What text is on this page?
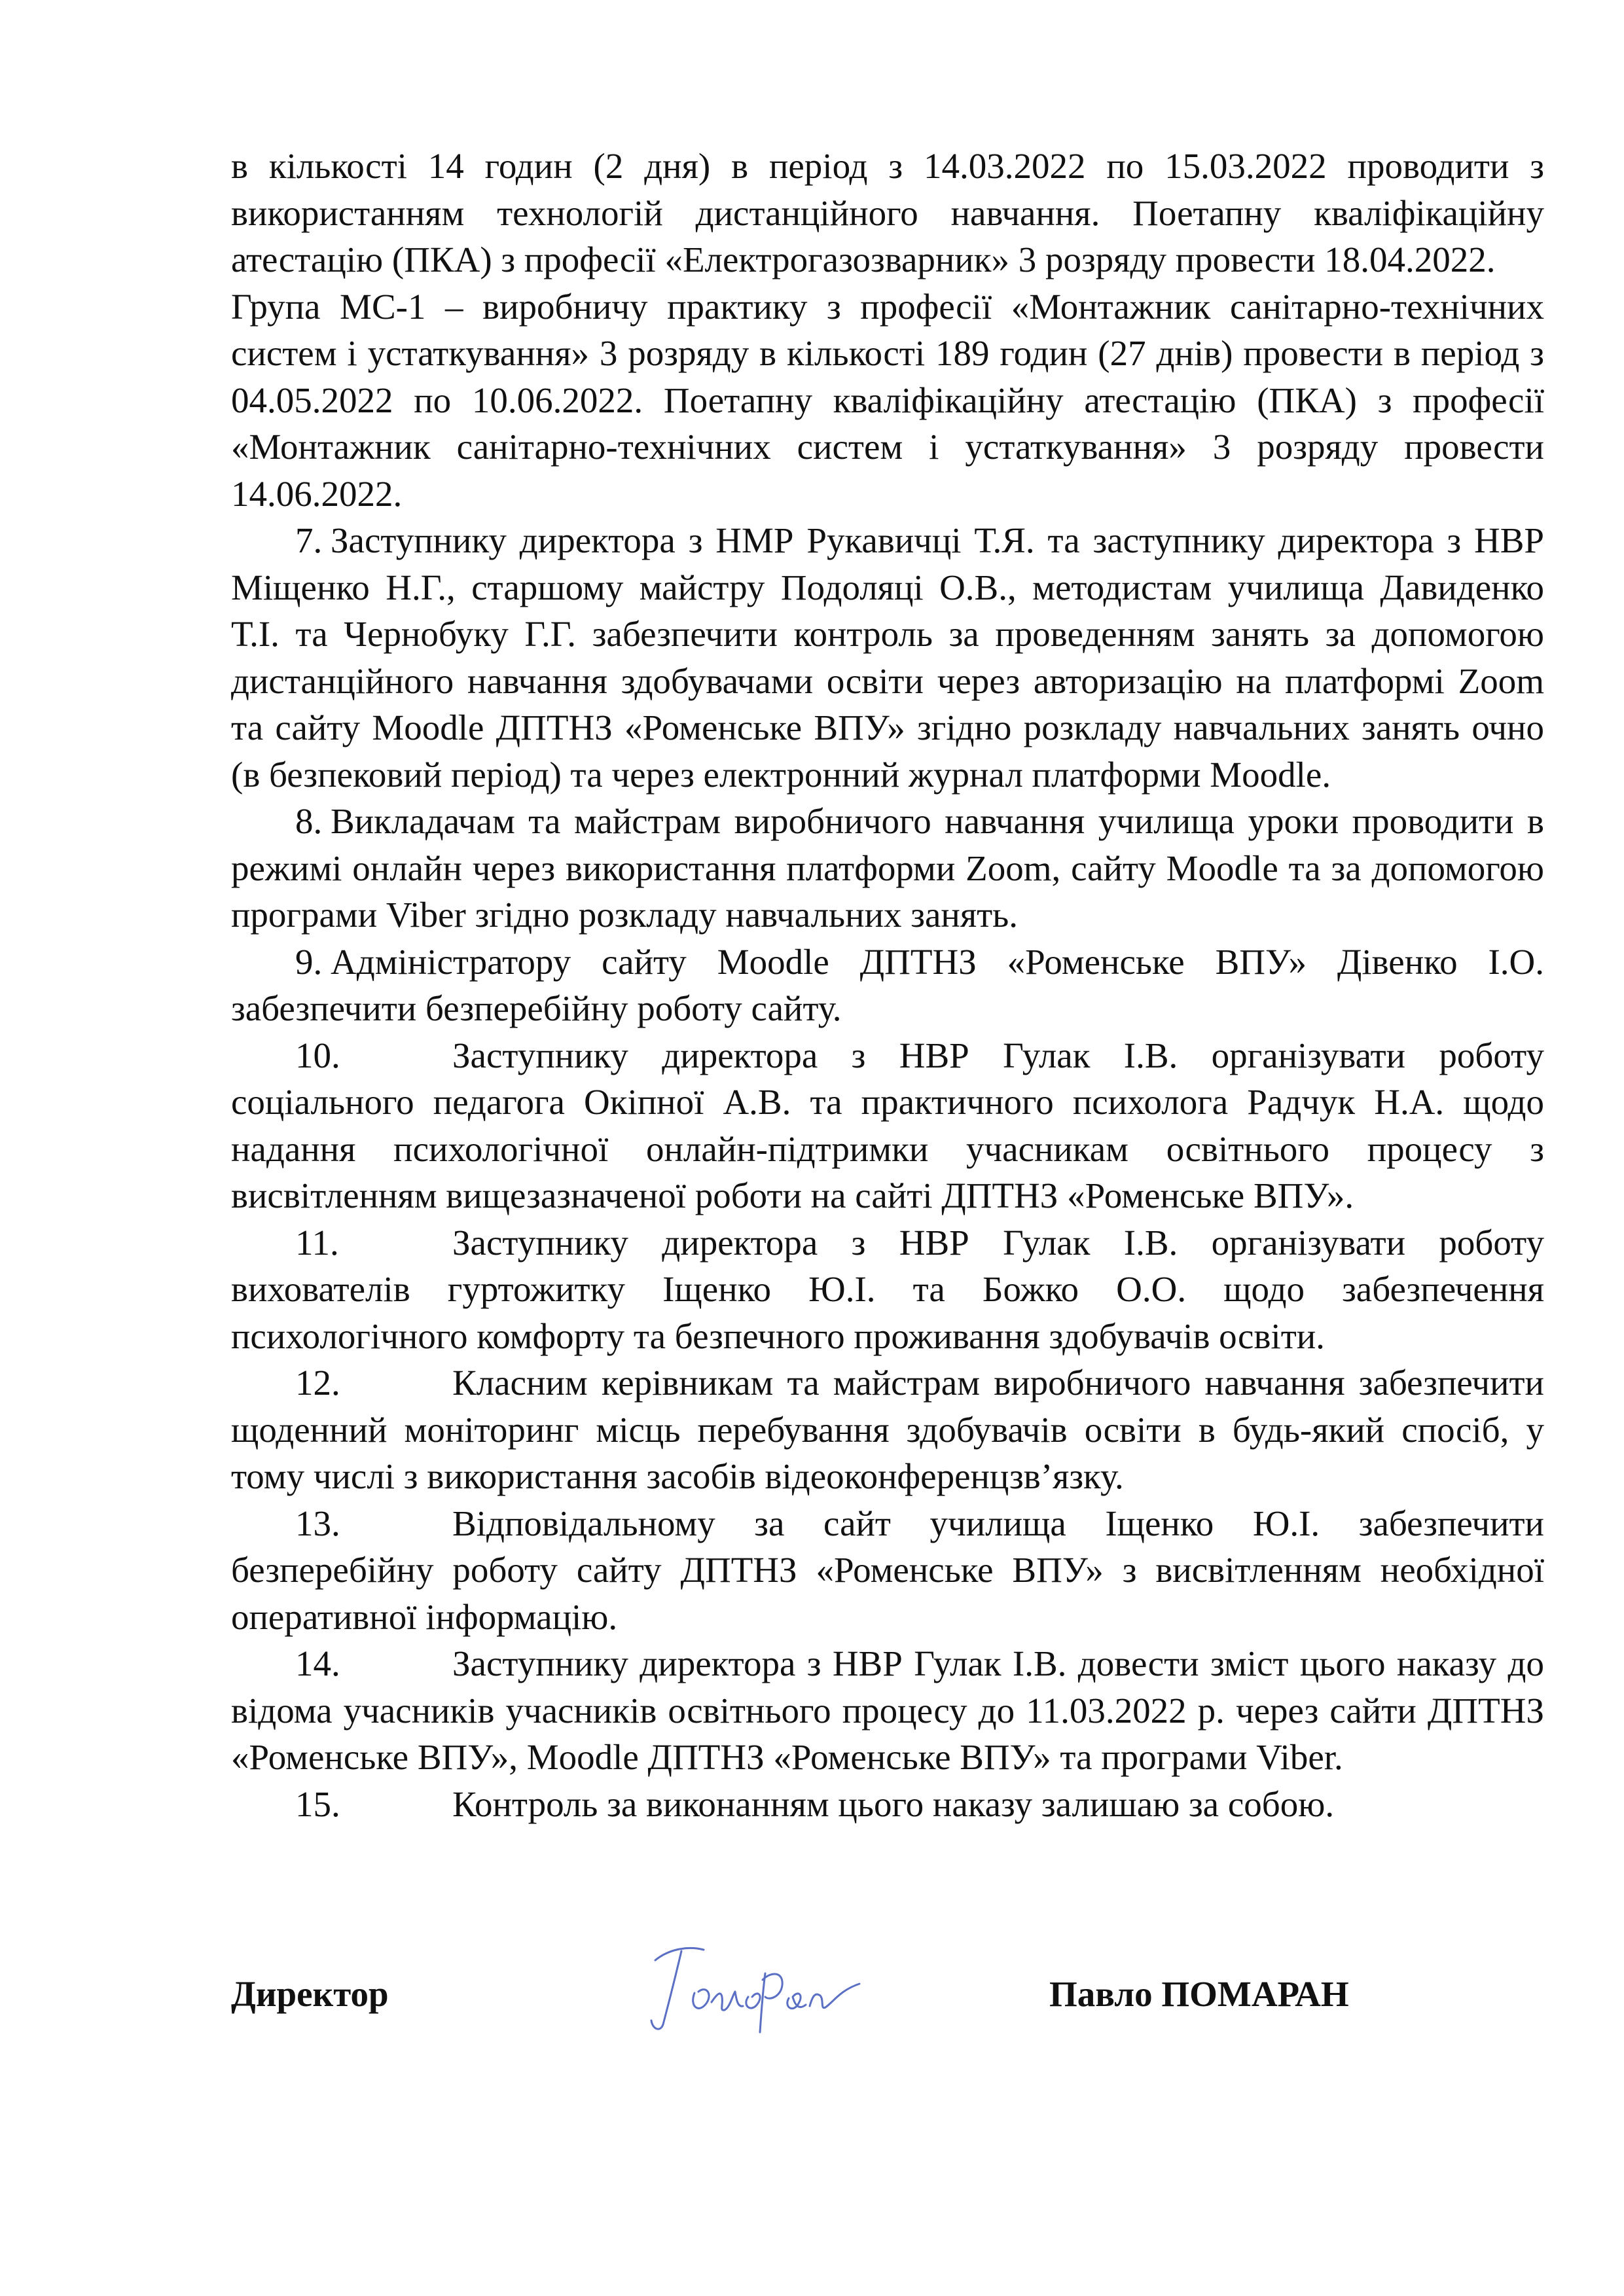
в кількості 14 годин (2 дня) в період з 14.03.2022 по 15.03.2022 проводити з використанням технологій дистанційного навчання. Поетапну кваліфікаційну атестацію (ПКА) з професії «Електрогазозварник» 3 розряду провести 18.04.2022.

Група МС-1 – виробничу практику з професії «Монтажник санітарно-технічних систем і устаткування» 3 розряду в кількості 189 годин (27 днів) провести в період з 04.05.2022 по 10.06.2022. Поетапну кваліфікаційну атестацію (ПКА) з професії «Монтажник санітарно-технічних систем і устаткування» 3 розряду провести 14.06.2022.

7. Заступнику директора з НМР Рукавичці Т.Я. та заступнику директора з НВР Міщенко Н.Г., старшому майстру Подоляці О.В., методистам училища Давиденко Т.І. та Чернобуку Г.Г. забезпечити контроль за проведенням занять за допомогою дистанційного навчання здобувачами освіти через авторизацію на платформі Zoom та сайту Moodle ДПТНЗ «Роменське ВПУ» згідно розкладу навчальних занять очно (в безпековий період) та через електронний журнал платформи Moodle.

8. Викладачам та майстрам виробничого навчання училища уроки проводити в режимі онлайн через використання платформи Zoom, сайту Moodle та за допомогою програми Viber згідно розкладу навчальних занять.

9. Адміністратору сайту Moodle ДПТНЗ «Роменське ВПУ» Дівенко І.О. забезпечити безперебійну роботу сайту.

10.	Заступнику директора з НВР Гулак І.В. організувати роботу соціального педагога Окіпної А.В. та практичного психолога Радчук Н.А. щодо надання психологічної онлайн-підтримки учасникам освітнього процесу з висвітленням вищезазначеної роботи на сайті ДПТНЗ «Роменське ВПУ».

11.	Заступнику директора з НВР Гулак І.В. організувати роботу вихователів гуртожитку Іщенко Ю.І. та Божко О.О. щодо забезпечення психологічного комфорту та безпечного проживання здобувачів освіти.

12.	Класним керівникам та майстрам виробничого навчання забезпечити щоденний моніторинг місць перебування здобувачів освіти в будь-який спосіб, у тому числі з використання засобів відеоконференцзв’язку.

13.	Відповідальному за сайт училища Іщенко Ю.І. забезпечити безперебійну роботу сайту ДПТНЗ «Роменське ВПУ» з висвітленням необхідної оперативної інформацію.

14.	Заступнику директора з НВР Гулак І.В. довести зміст цього наказу до відома учасників учасників освітнього процесу до 11.03.2022 р. через сайти ДПТНЗ «Роменське ВПУ», Moodle ДПТНЗ «Роменське ВПУ» та програми Viber.

15.	Контроль за виконанням цього наказу залишаю за собою.

Директор	Павло ПОМАРАН
